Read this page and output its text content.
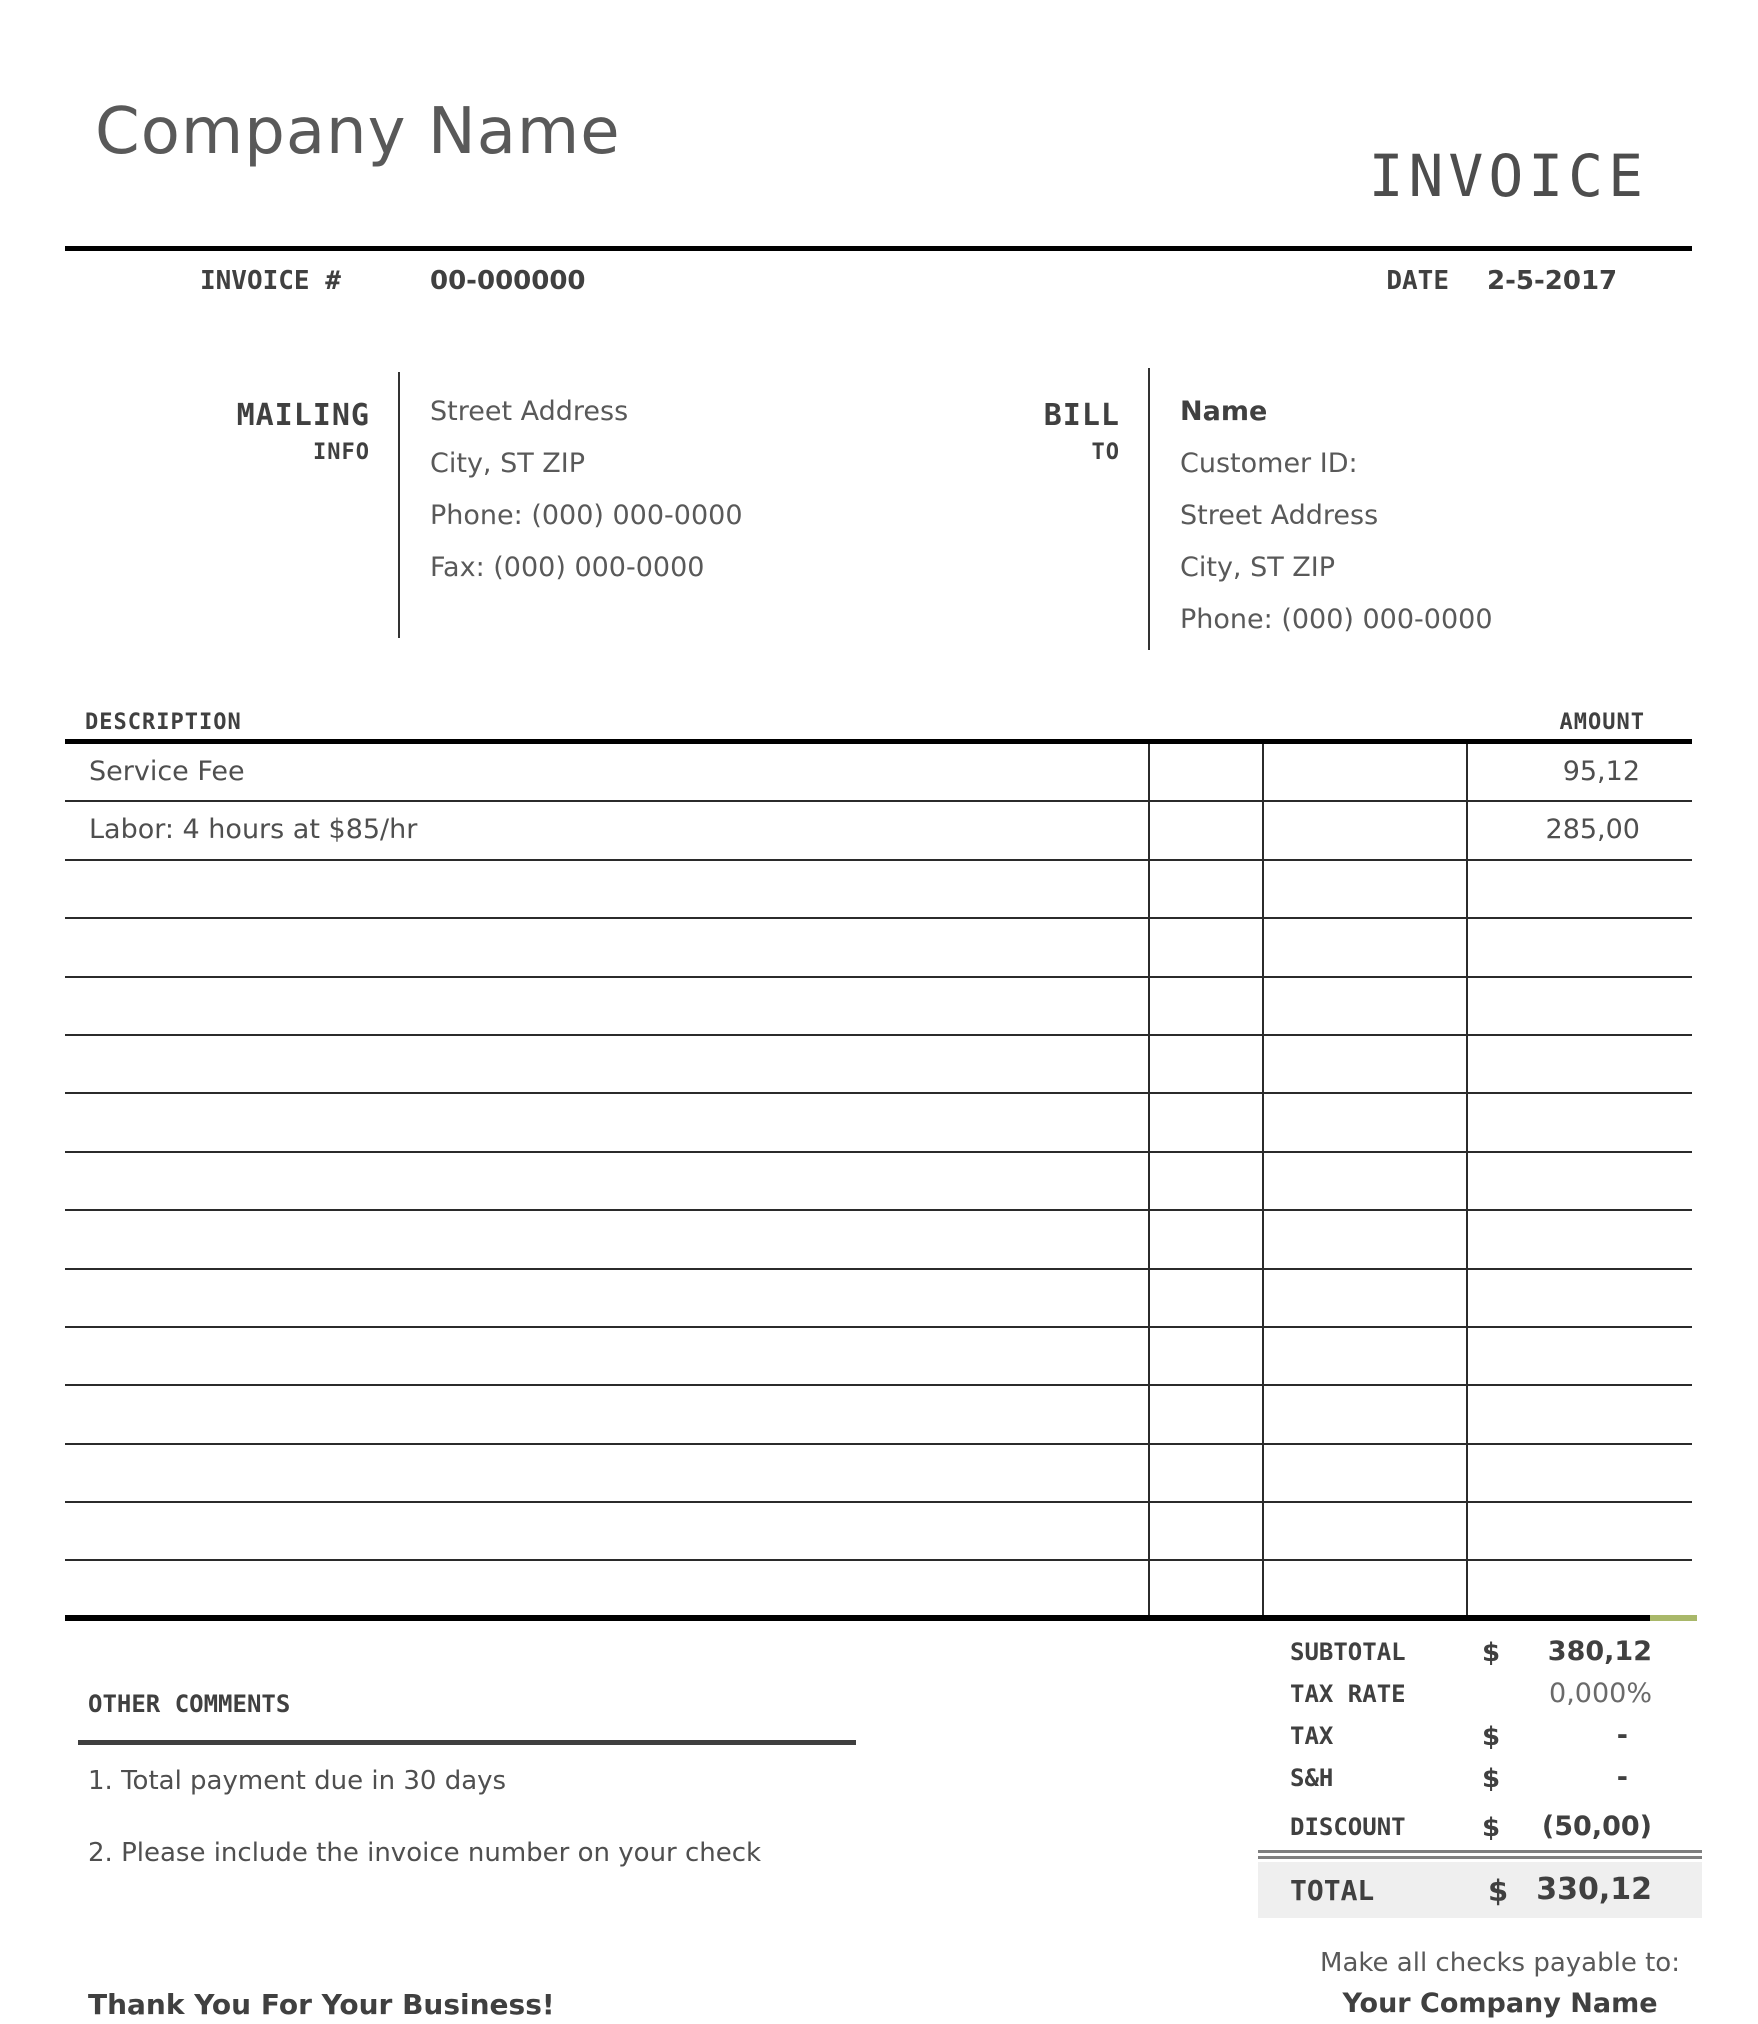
Company Name
INVOICE
INVOICE #	00-000000	DATE 2-5-2017
MAILING
INFO
Street Address
City, ST ZIP
Phone: (000) 000-0000
Fax: (000) 000-0000
BILL
TO
Name
Customer ID:
Street Address
City, ST ZIP
Phone: (000) 000-0000
DESCRIPTION	AMOUNT
Service Fee	95,12
Labor: 4 hours at $85/hr	285,00
SUBTOTAL	$	380,12
TAX RATE	0,000%
TAX	$	-
S&H	$	-
DISCOUNT	$	(50,00)
TOTAL	$ 330,12
OTHER COMMENTS
1. Total payment due in 30 days
2. Please include the invoice number on your check
Make all checks payable to:
Your Company Name
Thank You For Your Business!
